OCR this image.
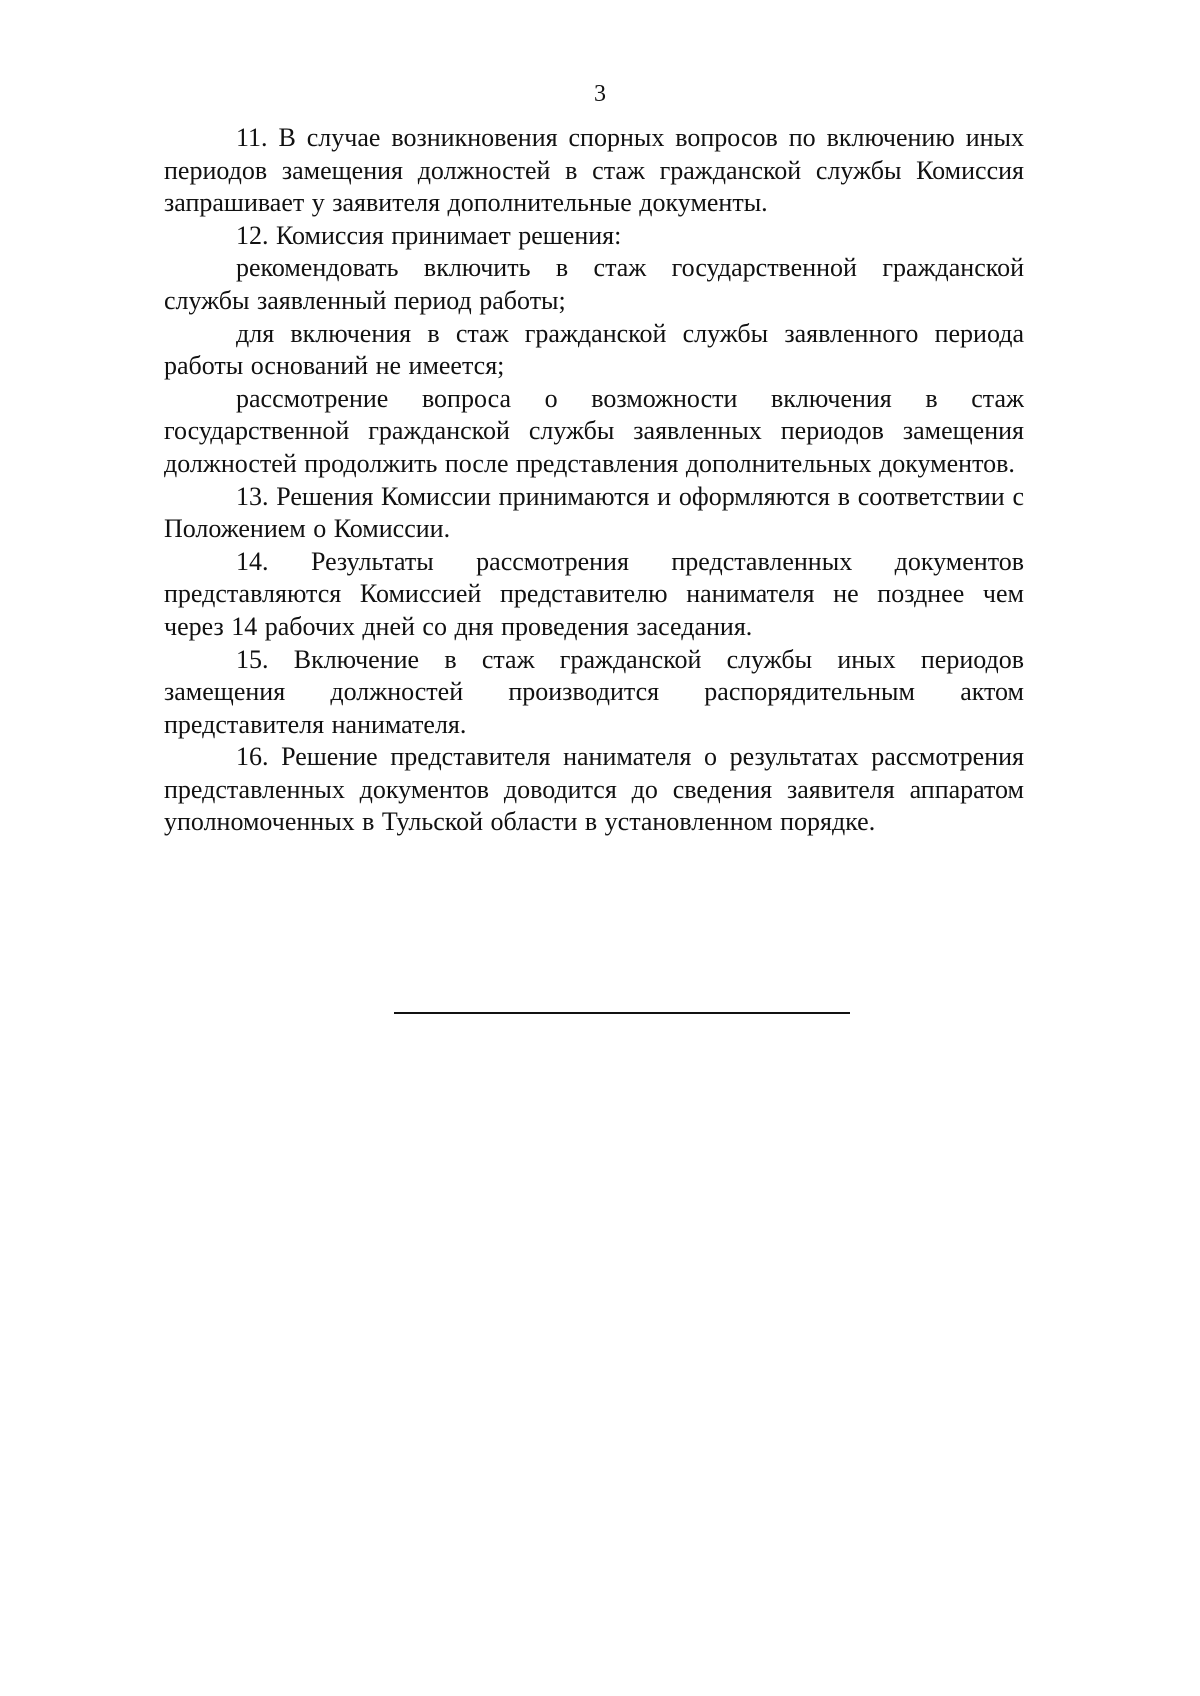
3

11. В случае возникновения спорных вопросов по включению иных периодов замещения должностей в стаж гражданской службы Комиссия запрашивает у заявителя дополнительные документы.

12. Комиссия принимает решения:

рекомендовать включить в стаж государственной гражданской службы заявленный период работы;

для включения в стаж гражданской службы заявленного периода работы оснований не имеется;

рассмотрение вопроса о возможности включения в стаж государственной гражданской службы заявленных периодов замещения должностей продолжить после представления дополнительных документов.

13. Решения Комиссии принимаются и оформляются в соответствии с Положением о Комиссии.

14. Результаты рассмотрения представленных документов представляются Комиссией представителю нанимателя не позднее чем через 14 рабочих дней со дня проведения заседания.

15. Включение в стаж гражданской службы иных периодов замещения должностей производится распорядительным актом представителя нанимателя.

16. Решение представителя нанимателя о результатах рассмотрения представленных документов доводится до сведения заявителя аппаратом уполномоченных в Тульской области в установленном порядке.
